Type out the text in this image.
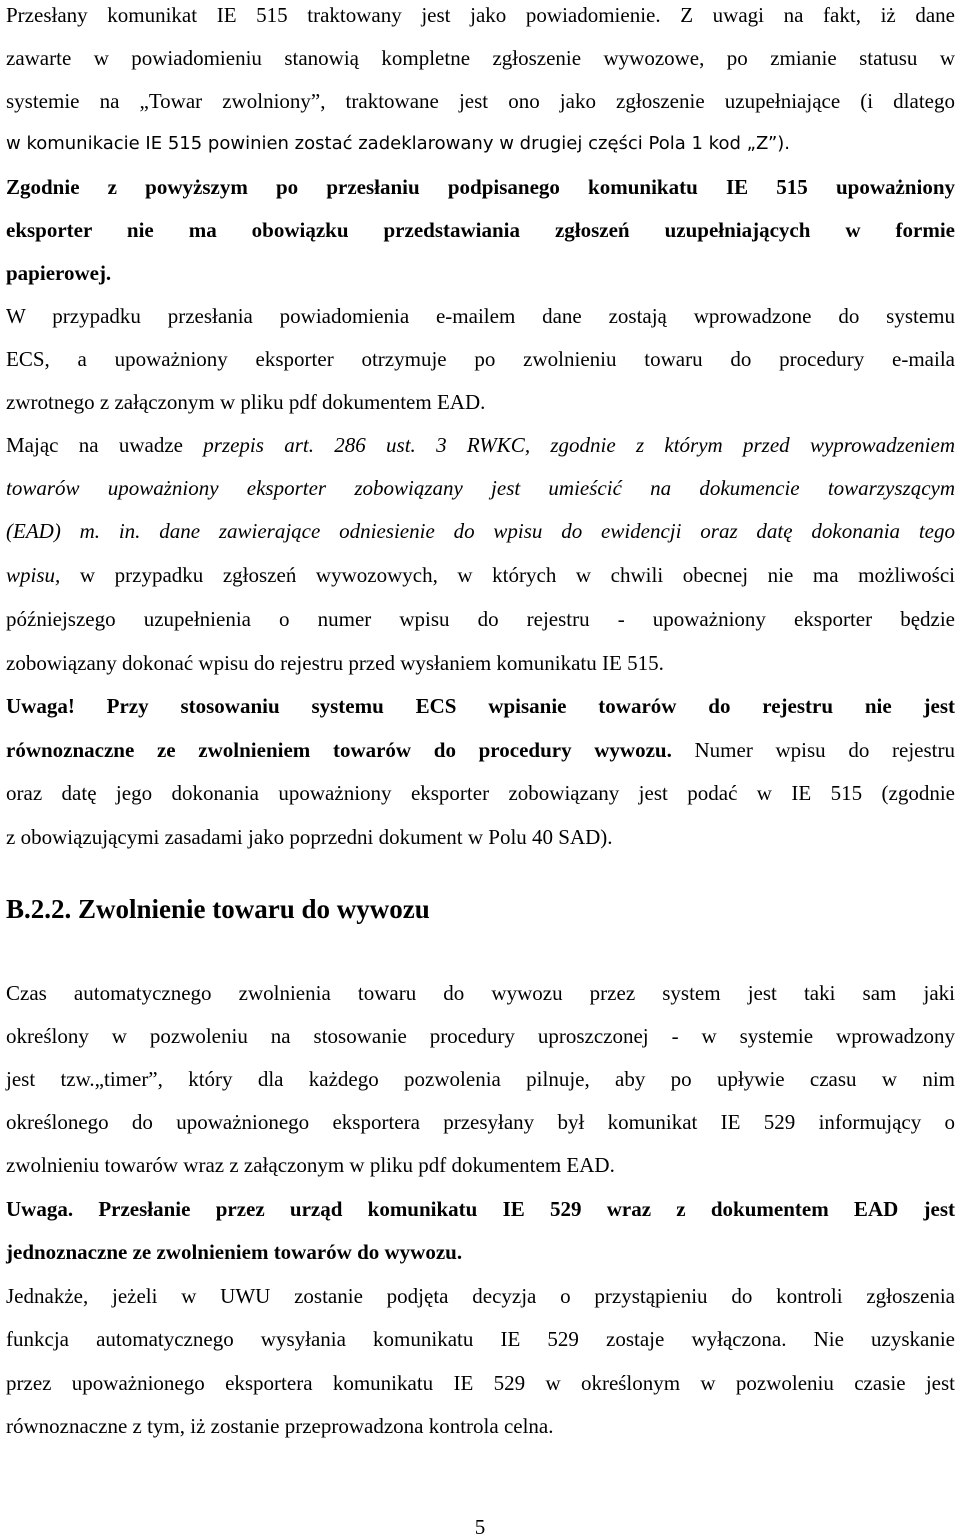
Przesłany komunikat IE 515 traktowany jest jako powiadomienie. Z uwagi na fakt, iż dane
zawarte w powiadomieniu stanowią kompletne zgłoszenie wywozowe, po zmianie statusu w
systemie na „Towar zwolniony”, traktowane jest ono jako zgłoszenie uzupełniające (i dlatego
w komunikacie IE 515 powinien zostać zadeklarowany w drugiej części Pola 1 kod „Z”).
Zgodnie z powyższym po przesłaniu podpisanego komunikatu IE 515 upoważniony
eksporter nie ma obowiązku przedstawiania zgłoszeń uzupełniających w formie
papierowej.
W przypadku przesłania powiadomienia e-mailem dane zostają wprowadzone do systemu
ECS, a upoważniony eksporter otrzymuje po zwolnieniu towaru do procedury e-maila
zwrotnego z załączonym w pliku pdf dokumentem EAD.
Mając na uwadze przepis art. 286 ust. 3 RWKC, zgodnie z którym przed wyprowadzeniem
towarów upoważniony eksporter zobowiązany jest umieścić na dokumencie towarzyszącym
(EAD) m. in. dane zawierające odniesienie do wpisu do ewidencji oraz datę dokonania tego
wpisu, w przypadku zgłoszeń wywozowych, w których w chwili obecnej nie ma możliwości
późniejszego uzupełnienia o numer wpisu do rejestru - upoważniony eksporter będzie
zobowiązany dokonać wpisu do rejestru przed wysłaniem komunikatu IE 515.
Uwaga! Przy stosowaniu systemu ECS wpisanie towarów do rejestru nie jest
równoznaczne ze zwolnieniem towarów do procedury wywozu. Numer wpisu do rejestru
oraz datę jego dokonania upoważniony eksporter zobowiązany jest podać w IE 515 (zgodnie
z obowiązującymi zasadami jako poprzedni dokument w Polu 40 SAD).
B.2.2. Zwolnienie towaru do wywozu
Czas automatycznego zwolnienia towaru do wywozu przez system jest taki sam jaki
określony w pozwoleniu na stosowanie procedury uproszczonej - w systemie wprowadzony
jest tzw.„timer”, który dla każdego pozwolenia pilnuje, aby po upływie czasu w nim
określonego do upoważnionego eksportera przesyłany był komunikat IE 529 informujący o
zwolnieniu towarów wraz z załączonym w pliku pdf dokumentem EAD.
Uwaga. Przesłanie przez urząd komunikatu IE 529 wraz z dokumentem EAD jest
jednoznaczne ze zwolnieniem towarów do wywozu.
Jednakże, jeżeli w UWU zostanie podjęta decyzja o przystąpieniu do kontroli zgłoszenia
funkcja automatycznego wysyłania komunikatu IE 529 zostaje wyłączona. Nie uzyskanie
przez upoważnionego eksportera komunikatu IE 529 w określonym w pozwoleniu czasie jest
równoznaczne z tym, iż zostanie przeprowadzona kontrola celna.
5
